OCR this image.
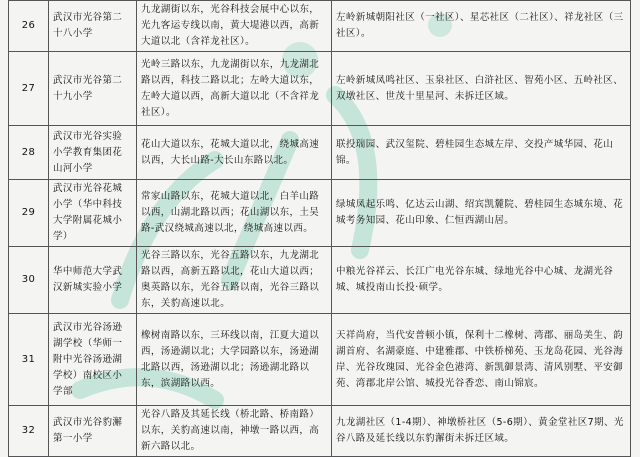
26	武汉市光谷第二十八小学	九龙湖街以东，光谷科技会展中心以东，光九客运专线以南，黄大堤港以西，高新大道以北（含祥龙社区）。	左岭新城朝阳社区（一社区）、星芯社区（二社区）、祥龙社区（三社区）。
27	武汉市光谷第二十九小学	光岭三路以东，九龙湖街以东，九龙湖北路以西，科技二路以北；左岭大道以东，左岭大道以西，高新大道以北（不含祥龙社区）。	左岭新城凤鸣社区、玉泉社区、白浒社区、智苑小区、五岭社区、双墩社区、世茂十里星河、未拆迁区域。
28	武汉市光谷实验小学教育集团花山河小学	花山大道以东，花城大道以北，绕城高速以西，大长山路-大长山东路以北。	联投瑞园、武汉玺院、碧桂园生态城左岸、交投产城华园、花山锦。
29	武汉市光谷花城小学（华中科技大学附属花城小学）	常家山路以东，花城大道以北，白羊山路以西，山湖北路以西；花山湖以东，土吴路-武汉绕城高速以北，绕城高速以西。	绿城凤起乐鸣、亿达云山湖、绍宾凯麓院、碧桂园生态城东境、花城考务知园、花山印象、仁恒西湖山居。
30	华中师范大学武汉新城实验小学	光谷三路以东，光谷五路以东，九龙湖北路以西，高新五路以北，花山大道以西；奥英路以东，光谷五路以南，光谷三路以东，关豹高速以北。	中粮光谷祥云、长江广电光谷东城、绿地光谷中心城、龙湖光谷城、城投南山长投·硕学。
31	武汉市光谷汤逊湖学校（华师一附中光谷汤逊湖学校）南校区小学部	橡树南路以东，三环线以南，江夏大道以西，汤逊湖以北；大学园路以东，汤逊湖北路以西，汤逊湖以北；汤逊湖北路以东，滨湖路以西。	天祥尚府，当代安普顿小镇，保利十二橡树、湾郡、丽岛美生、韵湖首府、名湖豪庭、中建雅郡、中铁桥梯苑、玉龙岛花园、光谷海岸、光谷玫瑰园、光谷金色港湾、新凯御景湾、清风别墅、平安御苑、湾郡北岸公馆、城投光谷香恋、南山锦宸。
32	武汉市光谷豹澥第一小学	光谷八路及其延长线（桥北路、桥南路）以东，关豹高速以南，神墩一路以西，高新六路以北。	九龙湖社区（1-4期）、神墩桥社区（5-6期）、黄金堂社区7期、光谷八路及延长线以东豹澥街未拆迁区域。
